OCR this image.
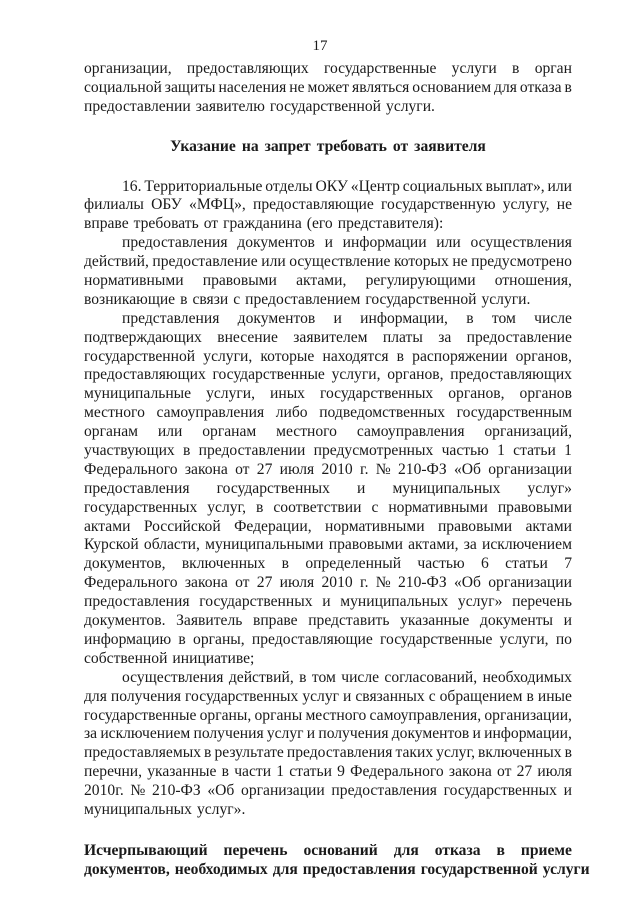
17
организации, предоставляющих государственные услуги в орган
социальной защиты населения не может являться основанием для отказа в
предоставлении заявителю государственной услуги.
Указание на запрет требовать от заявителя
16. Территориальные отделы ОКУ «Центр социальных выплат», или
филиалы ОБУ «МФЦ», предоставляющие государственную услугу, не
вправе требовать от гражданина (его представителя):
предоставления документов и информации или осуществления
действий, предоставление или осуществление которых не предусмотрено
нормативными правовыми актами, регулирующими отношения,
возникающие в связи с предоставлением государственной услуги.
представления документов и информации, в том числе
подтверждающих внесение заявителем платы за предоставление
государственной услуги, которые находятся в распоряжении органов,
предоставляющих государственные услуги, органов, предоставляющих
муниципальные услуги, иных государственных органов, органов
местного самоуправления либо подведомственных государственным
органам или органам местного самоуправления организаций,
участвующих в предоставлении предусмотренных частью 1 статьи 1
Федерального закона от 27 июля 2010 г. № 210-ФЗ «Об организации
предоставления государственных и муниципальных услуг»
государственных услуг, в соответствии с нормативными правовыми
актами Российской Федерации, нормативными правовыми актами
Курской области, муниципальными правовыми актами, за исключением
документов, включенных в определенный частью 6 статьи 7
Федерального закона от 27 июля 2010 г. № 210-ФЗ «Об организации
предоставления государственных и муниципальных услуг» перечень
документов. Заявитель вправе представить указанные документы и
информацию в органы, предоставляющие государственные услуги, по
собственной инициативе;
осуществления действий, в том числе согласований, необходимых
для получения государственных услуг и связанных с обращением в иные
государственные органы, органы местного самоуправления, организации,
за исключением получения услуг и получения документов и информации,
предоставляемых в результате предоставления таких услуг, включенных в
перечни, указанные в части 1 статьи 9 Федерального закона от 27 июля
2010г. № 210-ФЗ «Об организации предоставления государственных и
муниципальных услуг».
Исчерпывающий перечень оснований для отказа в приеме
документов, необходимых для предоставления государственной услуги
